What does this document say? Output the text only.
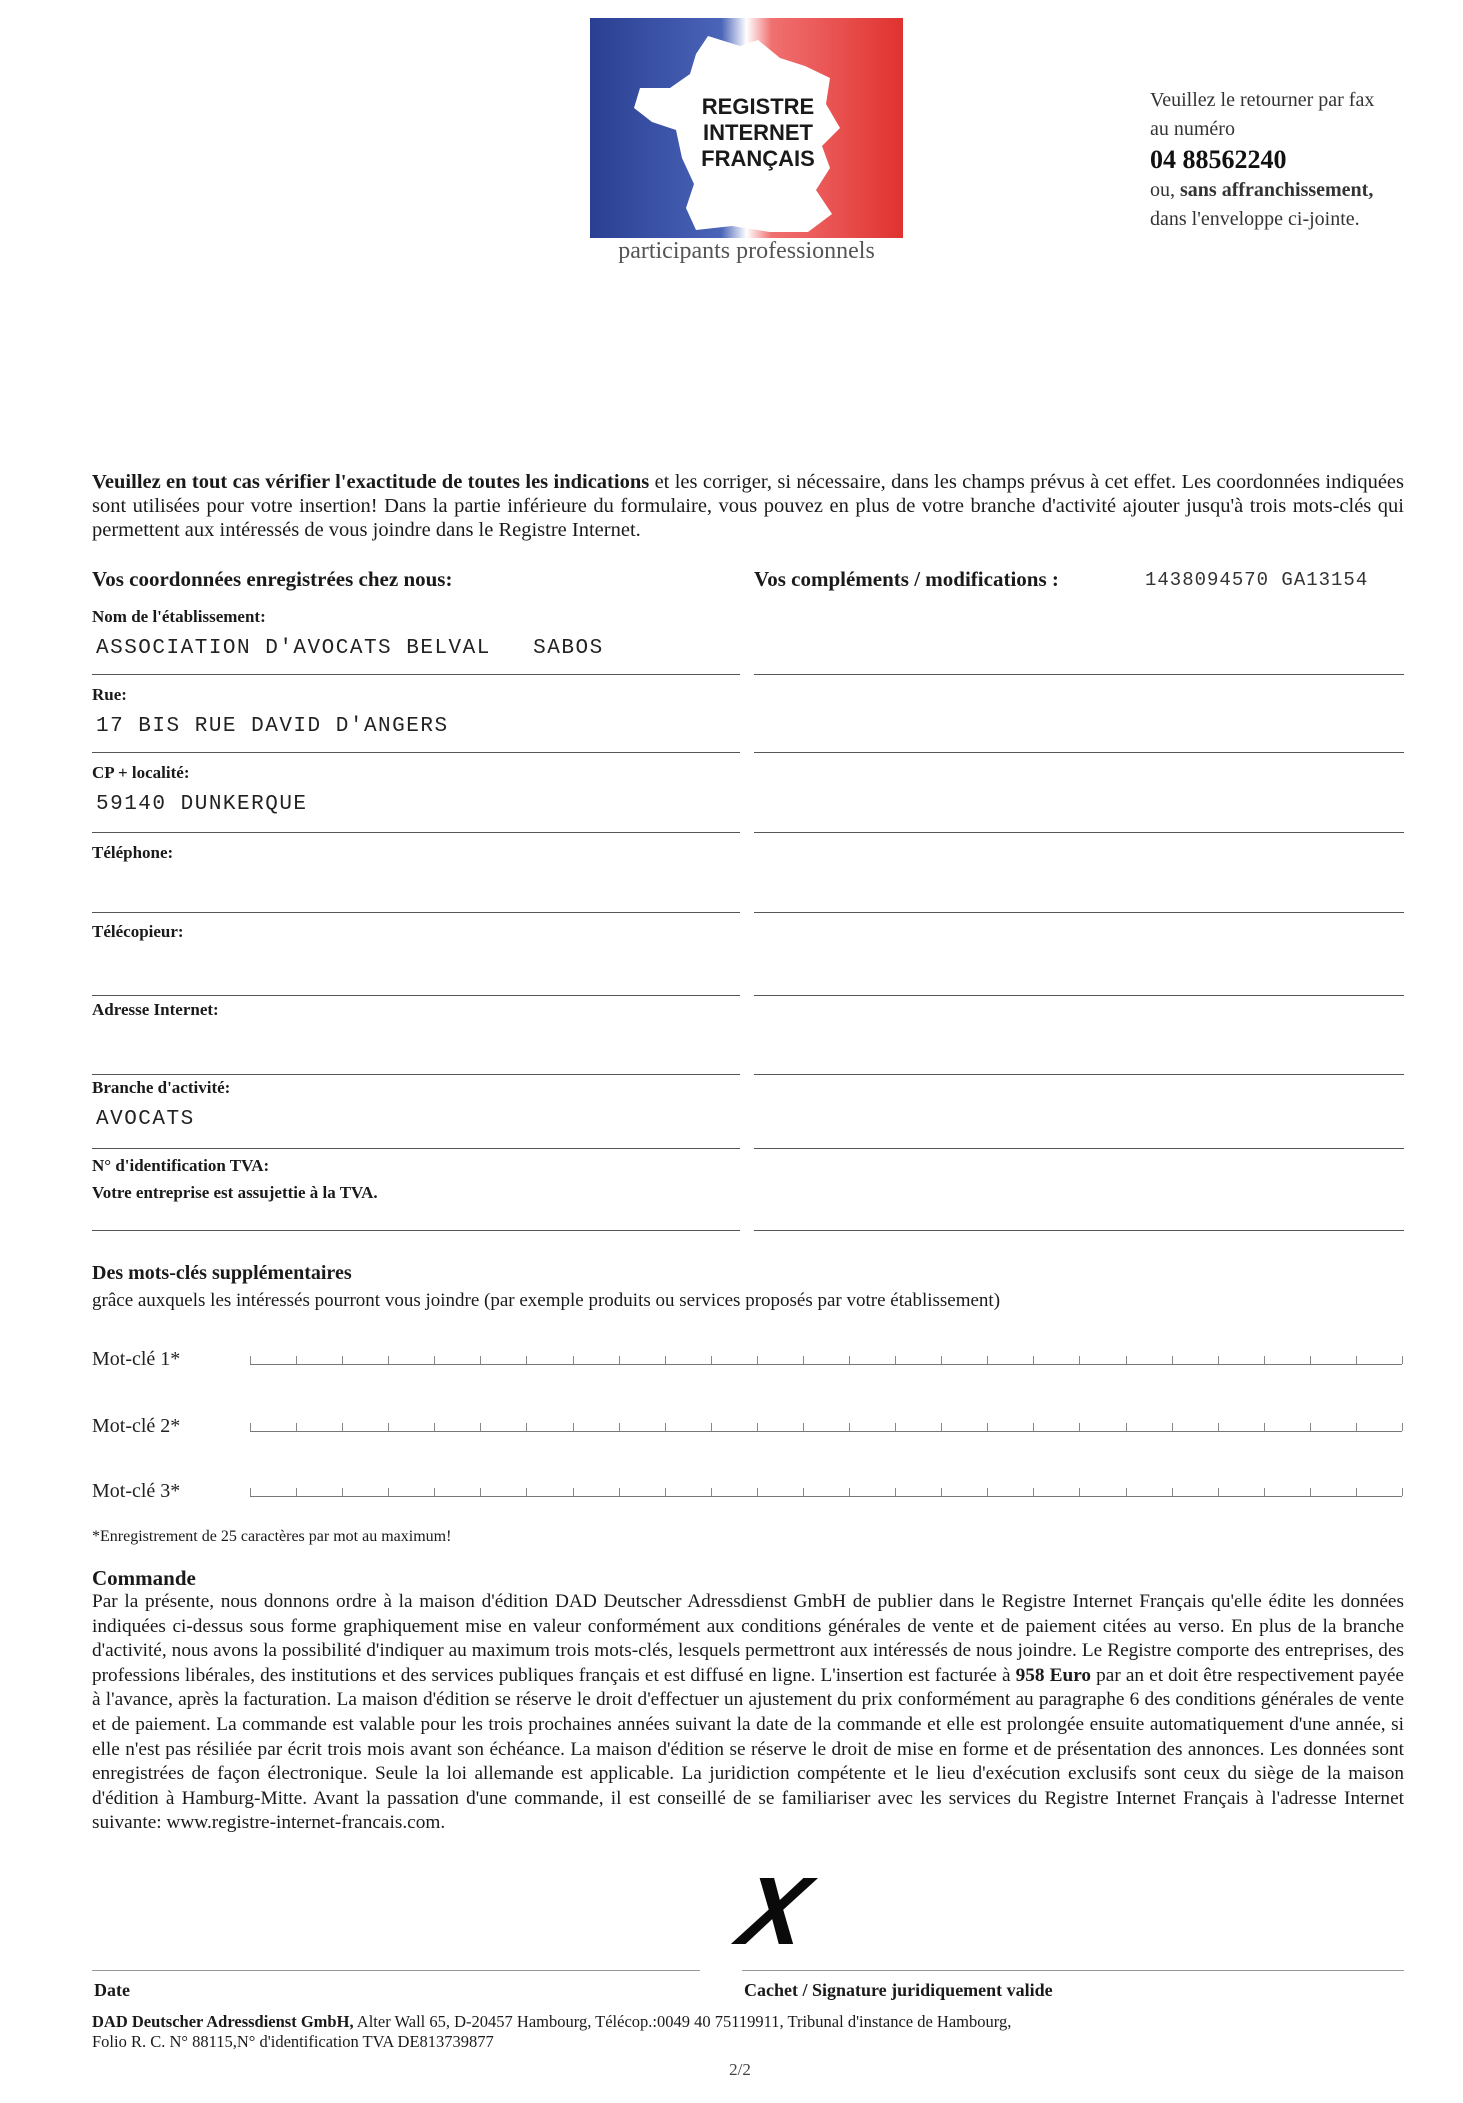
REGISTRE
INTERNET
FRANÇAIS
participants professionnels
Veuillez le retourner par fax
au numéro
04 88562240
ou, sans affranchissement,
dans l'enveloppe ci-jointe.
Veuillez en tout cas vérifier l'exactitude de toutes les indications et les corriger, si nécessaire, dans les champs prévus à cet effet. Les coordonnées indiquées sont utilisées pour votre insertion! Dans la partie inférieure du formulaire, vous pouvez en plus de votre branche d'activité ajouter jusqu'à trois mots-clés qui permettent aux intéressés de vous joindre dans le Registre Internet.
Vos coordonnées enregistrées chez nous:	Vos compléments / modifications :	1438094570 GA13154
Nom de l'établissement:
ASSOCIATION D'AVOCATS BELVAL   SABOS
Rue:
17 BIS RUE DAVID D'ANGERS
CP + localité:
59140 DUNKERQUE
Téléphone:
Télécopieur:
Adresse Internet:
Branche d'activité:
AVOCATS
N° d'identification TVA:
Votre entreprise est assujettie à la TVA.
Des mots-clés supplémentaires
grâce auxquels les intéressés pourront vous joindre (par exemple produits ou services proposés par votre établissement)
Mot-clé 1*
Mot-clé 2*
Mot-clé 3*
*Enregistrement de 25 caractères par mot au maximum!
Commande
Par la présente, nous donnons ordre à la maison d'édition DAD Deutscher Adressdienst GmbH de publier dans le Registre Internet Français qu'elle édite les données indiquées ci-dessus sous forme graphiquement mise en valeur conformément aux conditions générales de vente et de paiement citées au verso. En plus de la branche d'activité, nous avons la possibilité d'indiquer au maximum trois mots-clés, lesquels permettront aux intéressés de nous joindre. Le Registre comporte des entreprises, des professions libérales, des institutions et des services publiques français et est diffusé en ligne. L'insertion est facturée à 958 Euro par an et doit être respectivement payée à l'avance, après la facturation. La maison d'édition se réserve le droit d'effectuer un ajustement du prix conformément au paragraphe 6 des conditions générales de vente et de paiement. La commande est valable pour les trois prochaines années suivant la date de la commande et elle est prolongée ensuite automatiquement d'une année, si elle n'est pas résiliée par écrit trois mois avant son échéance. La maison d'édition se réserve le droit de mise en forme et de présentation des annonces. Les données sont enregistrées de façon électronique. Seule la loi allemande est applicable. La juridiction compétente et le lieu d'exécution exclusifs sont ceux du siège de la maison d'édition à Hamburg-Mitte. Avant la passation d'une commande, il est conseillé de se familiariser avec les services du Registre Internet Français à l'adresse Internet suivante: www.registre-internet-francais.com.
X
Date	Cachet / Signature juridiquement valide
DAD Deutscher Adressdienst GmbH, Alter Wall 65, D-20457 Hambourg, Télécop.:0049 40 75119911, Tribunal d'instance de Hambourg,
Folio R. C. N° 88115,N° d'identification TVA DE813739877
2/2
